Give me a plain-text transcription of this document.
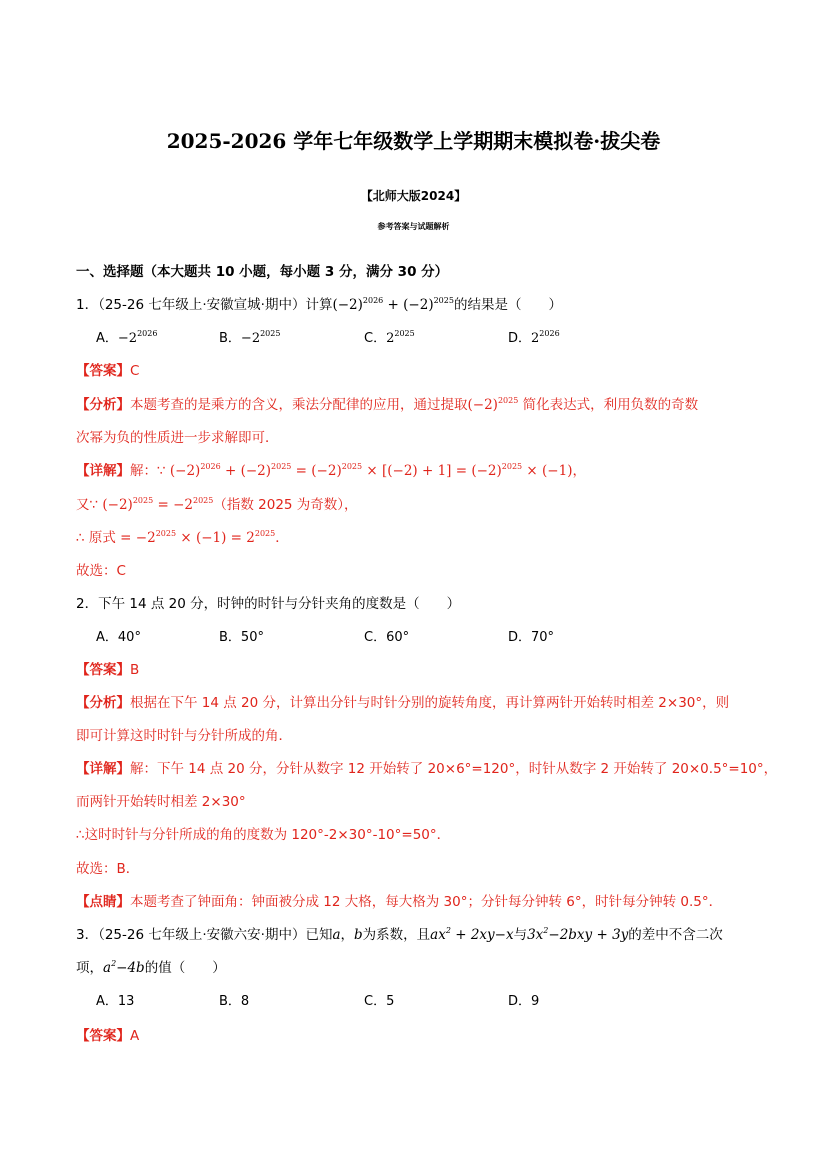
2025-2026 学年七年级数学上学期期末模拟卷·拔尖卷
【北师大版2024】
参考答案与试题解析
一、选择题（本大题共 10 小题，每小题 3 分，满分 30 分）
1．（25-26 七年级上·安徽宣城·期中）计算$(-2)^{2026} + (-2)^{2025}$的结果是（　　）
A．$-2^{2026}$	B．$-2^{2025}$	C．$2^{2025}$	D．$2^{2026}$
【答案】C
【分析】本题考查的是乘方的含义，乘法分配律的应用，通过提取$(-2)^{2025}$ 简化表达式，利用负数的奇数
次幂为负的性质进一步求解即可．
【详解】解：∵ $(-2)^{2026} + (-2)^{2025} = (-2)^{2025} \times [(-2) + 1] = (-2)^{2025} \times (-1)$，
又∵ $(-2)^{2025} = -2^{2025}$（指数 2025 为奇数），
∴ 原式 = $-2^{2025} \times (-1) = 2^{2025}$．
故选：C
2．下午 14 点 20 分，时钟的时针与分针夹角的度数是（　　）
A．40°	B．50°	C．60°	D．70°
【答案】B
【分析】根据在下午 14 点 20 分，计算出分针与时针分别的旋转角度，再计算两针开始转时相差 2×30°，则
即可计算这时时针与分针所成的角．
【详解】解：下午 14 点 20 分，分针从数字 12 开始转了 20×6°=120°，时针从数字 2 开始转了 20×0.5°=10°，
而两针开始转时相差 2×30°
∴这时时针与分针所成的角的度数为 120°-2×30°-10°=50°．
故选：B．
【点睛】本题考查了钟面角：钟面被分成 12 大格，每大格为 30°；分针每分钟转 6°，时针每分钟转 0.5°．
3．（25-26 七年级上·安徽六安·期中）已知a，b为系数，且$ax^2 + 2xy-x$与$3x^2-2bxy + 3y$的差中不含二次
项，$a^2-4b$的值（　　）
A．13	B．8	C．5	D．9
【答案】A
